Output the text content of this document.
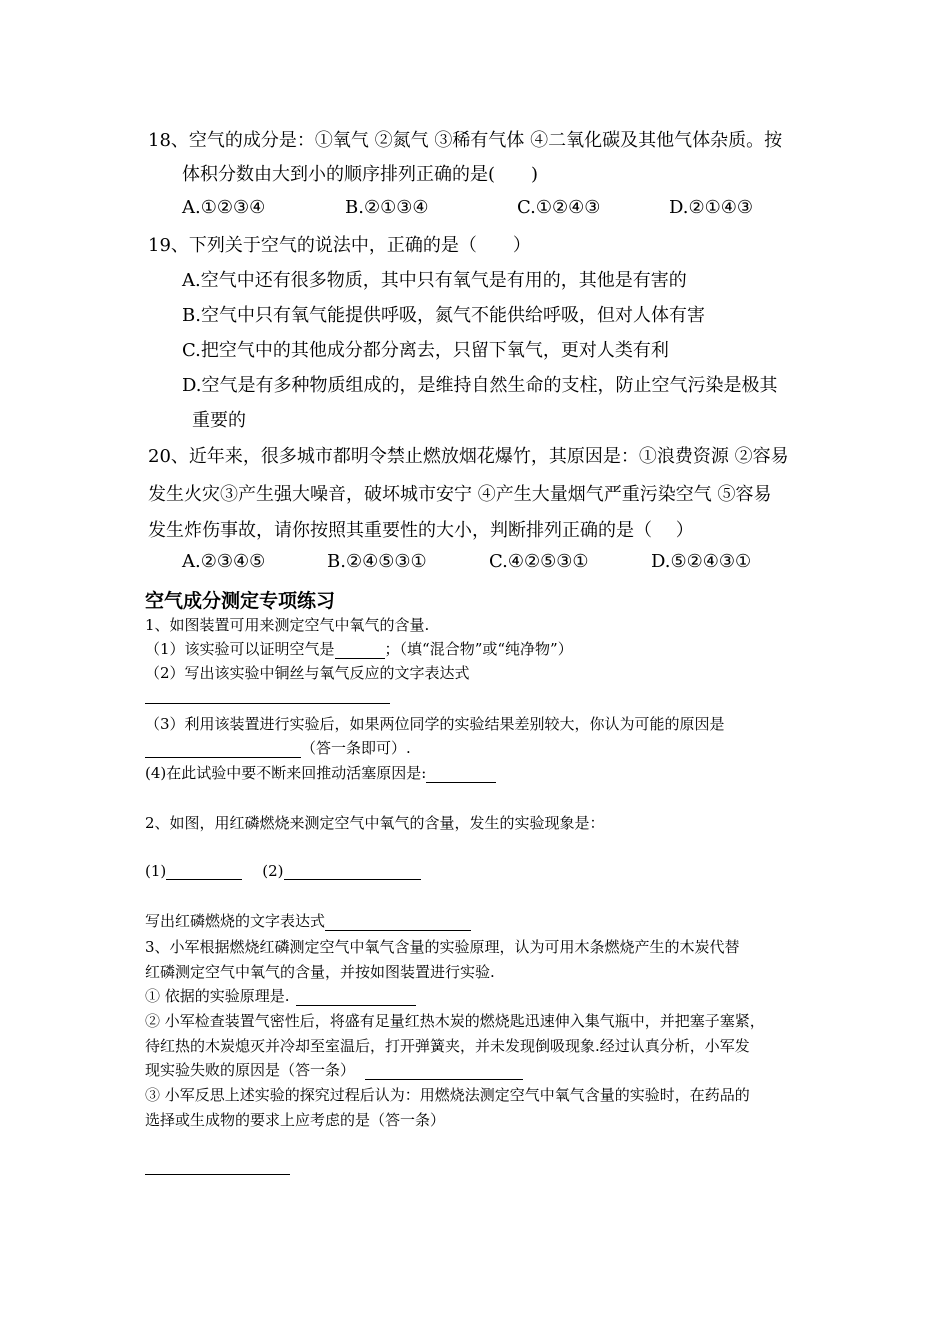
18、空气的成分是：①氧气 ②氮气 ③稀有气体 ④二氧化碳及其他气体杂质。按
体积分数由大到小的顺序排列正确的是(　　)
A.①②③④	B.②①③④	C.①②④③	D.②①④③
19、下列关于空气的说法中，正确的是（　　）
A.空气中还有很多物质，其中只有氧气是有用的，其他是有害的
B.空气中只有氧气能提供呼吸，氮气不能供给呼吸，但对人体有害
C.把空气中的其他成分都分离去，只留下氧气，更对人类有利
D.空气是有多种物质组成的，是维持自然生命的支柱，防止空气污染是极其
重要的
20、近年来，很多城市都明令禁止燃放烟花爆竹，其原因是：①浪费资源 ②容易
发生火灾③产生强大噪音，破坏城市安宁 ④产生大量烟气严重污染空气 ⑤容易
发生炸伤事故，请你按照其重要性的大小，判断排列正确的是（　 ）
A.②③④⑤	B.②④⑤③①	C.④②⑤③①	D.⑤②④③①
空气成分测定专项练习
1、如图装置可用来测定空气中氧气的含量.
（1）该实验可以证明空气是	；（填“混合物”或“纯净物”）
（2）写出该实验中铜丝与氧气反应的文字表达式
（3）利用该装置进行实验后，如果两位同学的实验结果差别较大，你认为可能的原因是
（答一条即可）.
(4)在此试验中要不断来回推动活塞原因是:
2、如图，用红磷燃烧来测定空气中氧气的含量，发生的实验现象是：
(1)	(2)
写出红磷燃烧的文字表达式
3、小军根据燃烧红磷测定空气中氧气含量的实验原理，认为可用木条燃烧产生的木炭代替
红磷测定空气中氧气的含量，并按如图装置进行实验.
① 依据的实验原理是.
② 小军检查装置气密性后，将盛有足量红热木炭的燃烧匙迅速伸入集气瓶中，并把塞子塞紧，
待红热的木炭熄灭并冷却至室温后，打开弹簧夹，并未发现倒吸现象.经过认真分析，小军发
现实验失败的原因是（答一条）
③ 小军反思上述实验的探究过程后认为：用燃烧法测定空气中氧气含量的实验时，在药品的
选择或生成物的要求上应考虑的是（答一条）
